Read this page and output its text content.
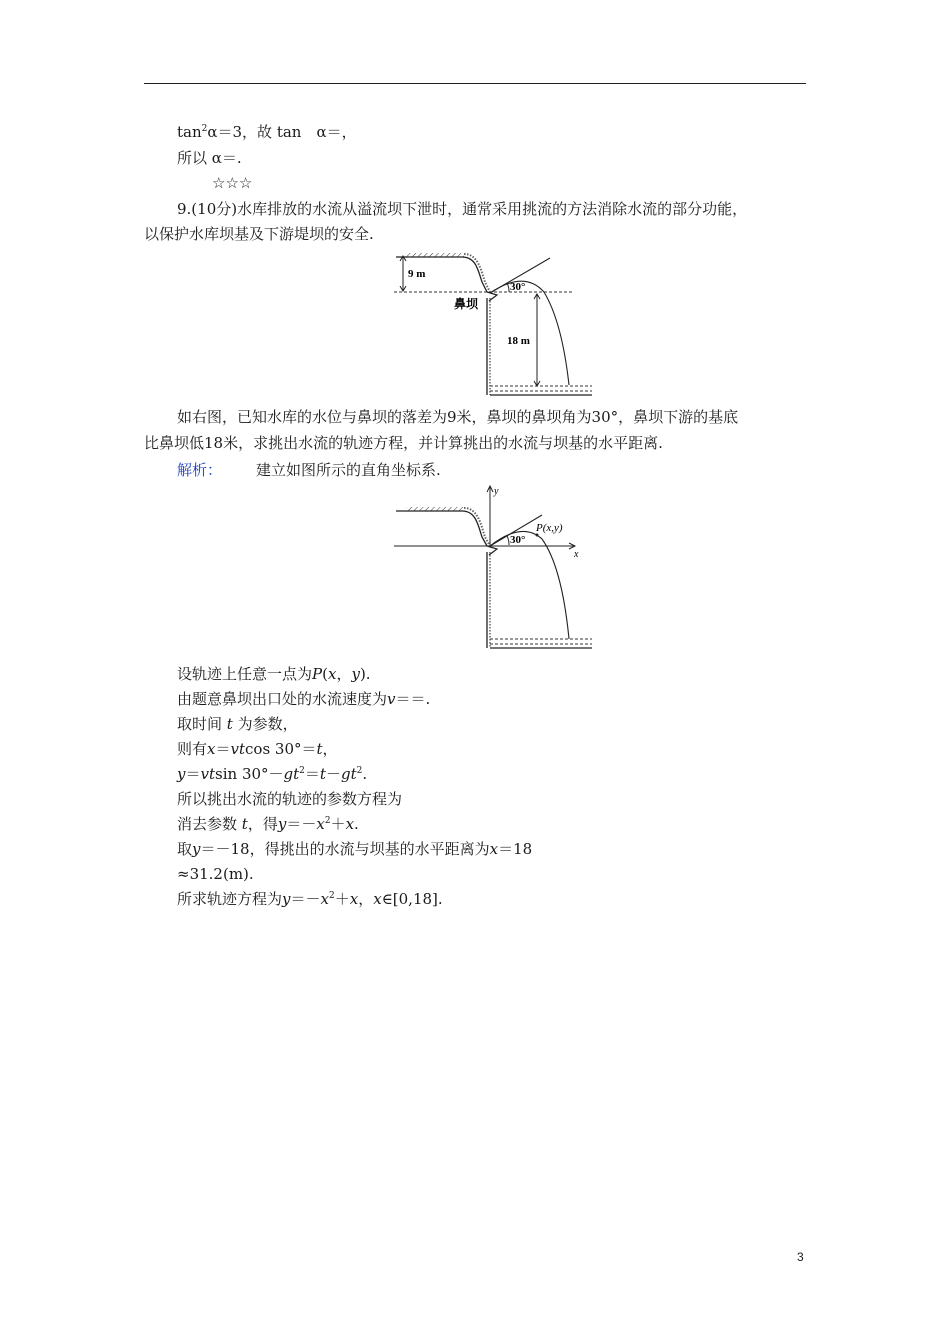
$\tan^2\alpha=3$，故 tan　α＝，
所以 α＝.
☆☆☆
9.(10分)水库排放的水流从溢流坝下泄时，通常采用挑流的方法消除水流的部分功能，
以保护水库坝基及下游堤坝的安全.
9 m
30°
18 m
鼻坝
如右图，已知水库的水位与鼻坝的落差为9米，鼻坝的鼻坝角为30°，鼻坝下游的基底
比鼻坝低18米，求挑出水流的轨迹方程，并计算挑出的水流与坝基的水平距离.
解析： 建立如图所示的直角坐标系.
x
y
30°
P(x,y)
设轨迹上任意一点为P(x，y).
由题意鼻坝出口处的水流速度为v＝＝.
取时间 t 为参数，
则有x＝vtcos 30°＝t，
y＝vtsin $30^\circ-gt^2=t-gt^2$.
所以挑出水流的轨迹的参数方程为
消去参数 t，得$y=-x^2+x$.
取y＝－18，得挑出的水流与坝基的水平距离为x＝18
≈31.2(m).
所求轨迹方程为$y=-x^2+x$，x∈[0,18].
3
